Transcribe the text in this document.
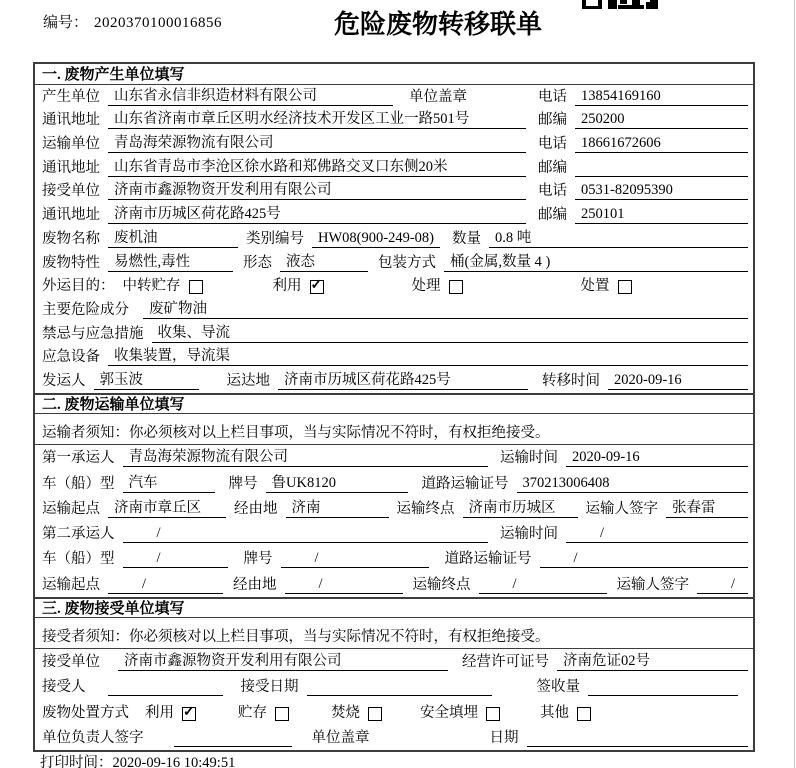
编号： 2020370100016856	危险废物转移联单
一. 废物产生单位填写
产生单位 山东省永信非织造材料有限公司	单位盖章	电话 13854169160
通讯地址 山东省济南市章丘区明水经济技术开发区工业一路501号	邮编 250200
运输单位 青岛海荣源物流有限公司	电话 18661672606
通讯地址 山东省青岛市李沧区徐水路和郑佛路交叉口东侧20米	邮编
接受单位 济南市鑫源物资开发利用有限公司	电话 0531-82095390
通讯地址 济南市历城区荷花路425号	邮编 250101
废物名称 废机油	类别编号 HW08(900-249-08)	数量 0.8 吨
废物特性 易燃性,毒性	形态 液态	包装方式 桶(金属,数量 4 )
外运目的： 中转贮存	利用 ✓	处理	处置
主要危险成分	废矿物油
禁忌与应急措施 收集、导流
应急设备 收集装置，导流渠
发运人 郭玉波	运达地 济南市历城区荷花路425号	转移时间 2020-09-16
二. 废物运输单位填写
运输者须知：你必须核对以上栏目事项，当与实际情况不符时，有权拒绝接受。
第一承运人 青岛海荣源物流有限公司	运输时间 2020-09-16
车（船）型 汽车	牌号 鲁UK8120	道路运输证号 370213006408
运输起点 济南市章丘区	经由地 济南	运输终点 济南市历城区	运输人签字 张春雷
第二承运人	/	运输时间	/
车（船）型	/	牌号	/	道路运输证号	/
运输起点	/	经由地	/	运输终点	/	运输人签字	/
三. 废物接受单位填写
接受者须知：你必须核对以上栏目事项，当与实际情况不符时，有权拒绝接受。
接受单位	济南市鑫源物资开发利用有限公司	经营许可证号 济南危证02号
接受人	接受日期	签收量
废物处置方式 利用 ✓	贮存	焚烧	安全填埋	其他
单位负责人签字	单位盖章	日期
打印时间：2020-09-16 10:49:51
